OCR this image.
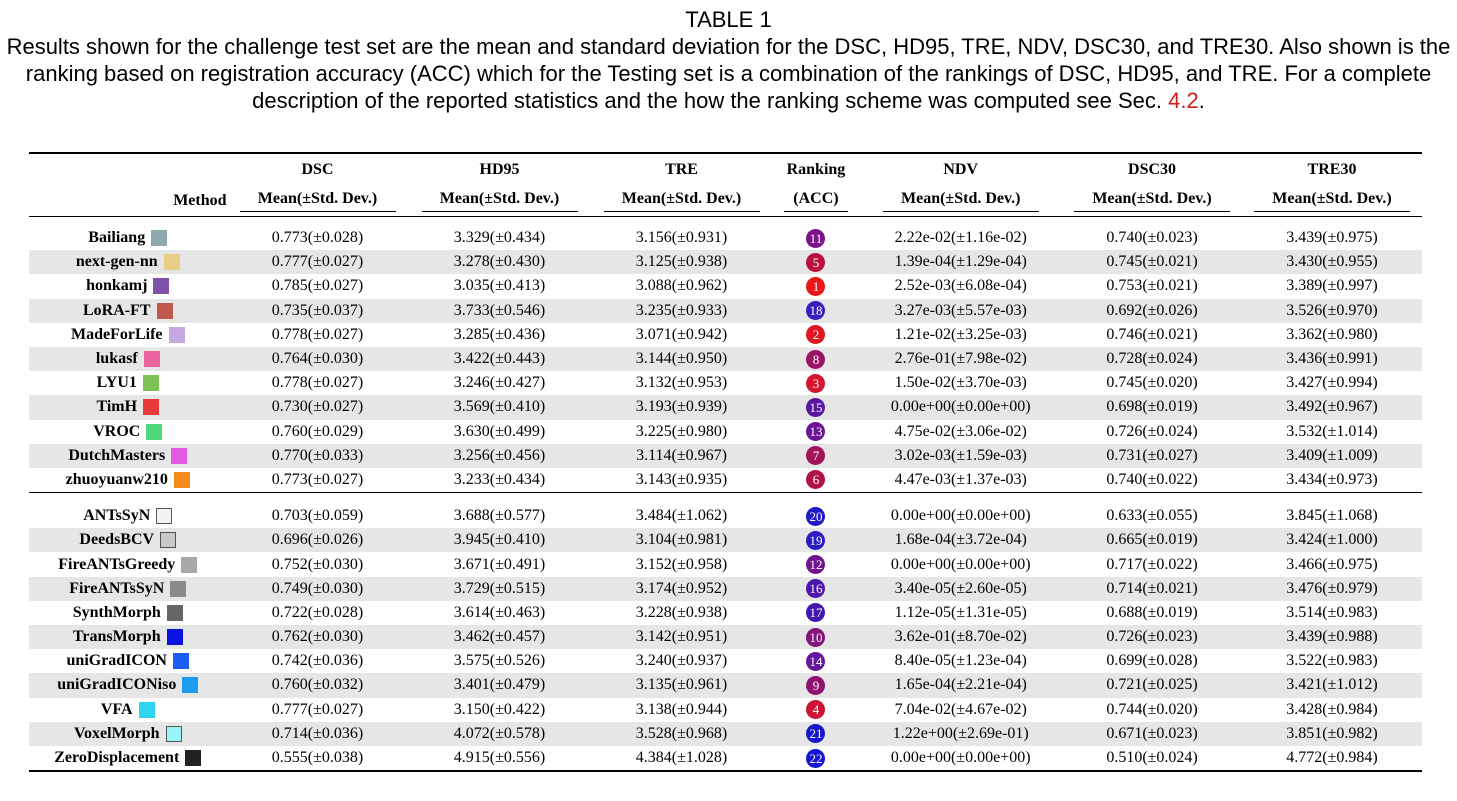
TABLE 1
Results shown for the challenge test set are the mean and standard deviation for the DSC, HD95, TRE, NDV, DSC30, and TRE30. Also shown is the
ranking based on registration accuracy (ACC) which for the Testing set is a combination of the rankings of DSC, HD95, and TRE. For a complete
description of the reported statistics and the how the ranking scheme was computed see Sec. 4.2.
	DSC	HD95	TRE	Ranking	NDV	DSC30	TRE30
Method	Mean(±Std. Dev.)	Mean(±Std. Dev.)	Mean(±Std. Dev.)	(ACC)	Mean(±Std. Dev.)	Mean(±Std. Dev.)	Mean(±Std. Dev.)

Bailiang	0.773(±0.028)	3.329(±0.434)	3.156(±0.931)	11	2.22e-02(±1.16e-02)	0.740(±0.023)	3.439(±0.975)

next-gen-nn	0.777(±0.027)	3.278(±0.430)	3.125(±0.938)	5	1.39e-04(±1.29e-04)	0.745(±0.021)	3.430(±0.955)

honkamj	0.785(±0.027)	3.035(±0.413)	3.088(±0.962)	1	2.52e-03(±6.08e-04)	0.753(±0.021)	3.389(±0.997)

LoRA-FT	0.735(±0.037)	3.733(±0.546)	3.235(±0.933)	18	3.27e-03(±5.57e-03)	0.692(±0.026)	3.526(±0.970)

MadeForLife	0.778(±0.027)	3.285(±0.436)	3.071(±0.942)	2	1.21e-02(±3.25e-03)	0.746(±0.021)	3.362(±0.980)

lukasf	0.764(±0.030)	3.422(±0.443)	3.144(±0.950)	8	2.76e-01(±7.98e-02)	0.728(±0.024)	3.436(±0.991)

LYU1	0.778(±0.027)	3.246(±0.427)	3.132(±0.953)	3	1.50e-02(±3.70e-03)	0.745(±0.020)	3.427(±0.994)

TimH	0.730(±0.027)	3.569(±0.410)	3.193(±0.939)	15	0.00e+00(±0.00e+00)	0.698(±0.019)	3.492(±0.967)

VROC	0.760(±0.029)	3.630(±0.499)	3.225(±0.980)	13	4.75e-02(±3.06e-02)	0.726(±0.024)	3.532(±1.014)

DutchMasters	0.770(±0.033)	3.256(±0.456)	3.114(±0.967)	7	3.02e-03(±1.59e-03)	0.731(±0.027)	3.409(±1.009)

zhuoyuanw210	0.773(±0.027)	3.233(±0.434)	3.143(±0.935)	6	4.47e-03(±1.37e-03)	0.740(±0.022)	3.434(±0.973)

ANTsSyN	0.703(±0.059)	3.688(±0.577)	3.484(±1.062)	20	0.00e+00(±0.00e+00)	0.633(±0.055)	3.845(±1.068)

DeedsBCV	0.696(±0.026)	3.945(±0.410)	3.104(±0.981)	19	1.68e-04(±3.72e-04)	0.665(±0.019)	3.424(±1.000)

FireANTsGreedy	0.752(±0.030)	3.671(±0.491)	3.152(±0.958)	12	0.00e+00(±0.00e+00)	0.717(±0.022)	3.466(±0.975)

FireANTsSyN	0.749(±0.030)	3.729(±0.515)	3.174(±0.952)	16	3.40e-05(±2.60e-05)	0.714(±0.021)	3.476(±0.979)

SynthMorph	0.722(±0.028)	3.614(±0.463)	3.228(±0.938)	17	1.12e-05(±1.31e-05)	0.688(±0.019)	3.514(±0.983)

TransMorph	0.762(±0.030)	3.462(±0.457)	3.142(±0.951)	10	3.62e-01(±8.70e-02)	0.726(±0.023)	3.439(±0.988)

uniGradICON	0.742(±0.036)	3.575(±0.526)	3.240(±0.937)	14	8.40e-05(±1.23e-04)	0.699(±0.028)	3.522(±0.983)

uniGradICONiso	0.760(±0.032)	3.401(±0.479)	3.135(±0.961)	9	1.65e-04(±2.21e-04)	0.721(±0.025)	3.421(±1.012)

VFA	0.777(±0.027)	3.150(±0.422)	3.138(±0.944)	4	7.04e-02(±4.67e-02)	0.744(±0.020)	3.428(±0.984)

VoxelMorph	0.714(±0.036)	4.072(±0.578)	3.528(±0.968)	21	1.22e+00(±2.69e-01)	0.671(±0.023)	3.851(±0.982)

ZeroDisplacement	0.555(±0.038)	4.915(±0.556)	4.384(±1.028)	22	0.00e+00(±0.00e+00)	0.510(±0.024)	4.772(±0.984)
